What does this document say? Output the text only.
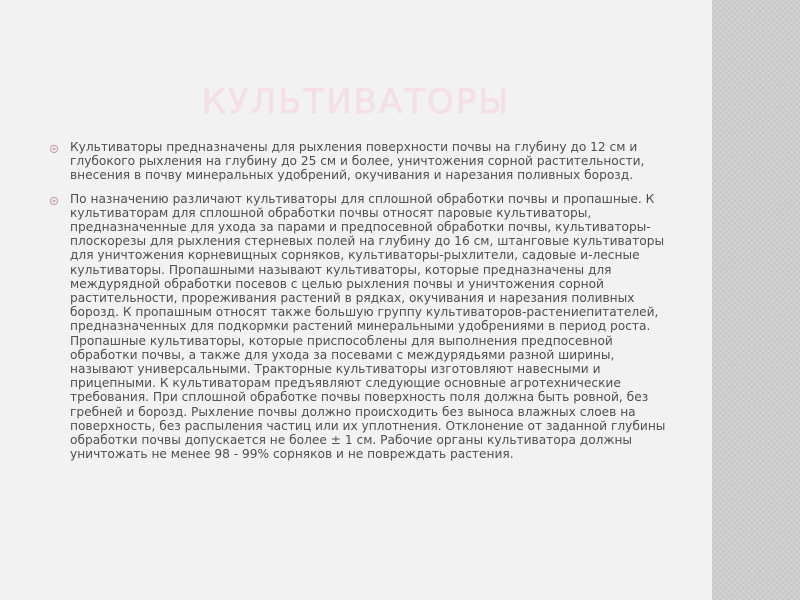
КУЛЬТИВАТОРЫ
Культиваторы предназначены для рыхления поверхности почвы на глубину до 12 см и глубокого рыхления на глубину до 25 см и более, уничтожения сорной растительности, внесения в почву минеральных удобрений, окучивания и нарезания поливных борозд.
По назначению различают культиваторы для сплошной обработки почвы и пропашные. К культиваторам для сплошной обработки почвы относят паровые культиваторы, предназначенные для ухода за парами и предпосевной обработки почвы, культиваторы-плоскорезы для рыхления стерневых полей на глубину до 16 см, штанговые культиваторы для уничтожения корневищных сорняков, культиваторы-рыхлители, садовые и-лесные культиваторы. Пропашными называют культиваторы, которые предназначены для междурядной обработки посевов с целью рыхления почвы и уничтожения сорной растительности, прореживания растений в рядках, окучивания и нарезания поливных борозд. К пропашным относят также большую группу культиваторов-растениепитателей, предназначенных для подкормки растений минеральными удобрениями в период роста. Пропашные культиваторы, которые приспособлены для выполнения предпосевной обработки почвы, а также для ухода за посевами с междурядьями разной ширины, называют универсальными. Тракторные культиваторы изготовляют навесными и прицепными. К культиваторам предъявляют следующие основные агротехнические требования. При сплошной обработке почвы поверхность поля должна быть ровной, без гребней и борозд. Рыхление почвы должно происходить без выноса влажных слоев на поверхность, без распыления частиц или их уплотнения. Отклонение от заданной глубины обработки почвы допускается не более ± 1 см. Рабочие органы культиватора должны уничтожать не менее 98 - 99% сорняков и не повреждать растения.
